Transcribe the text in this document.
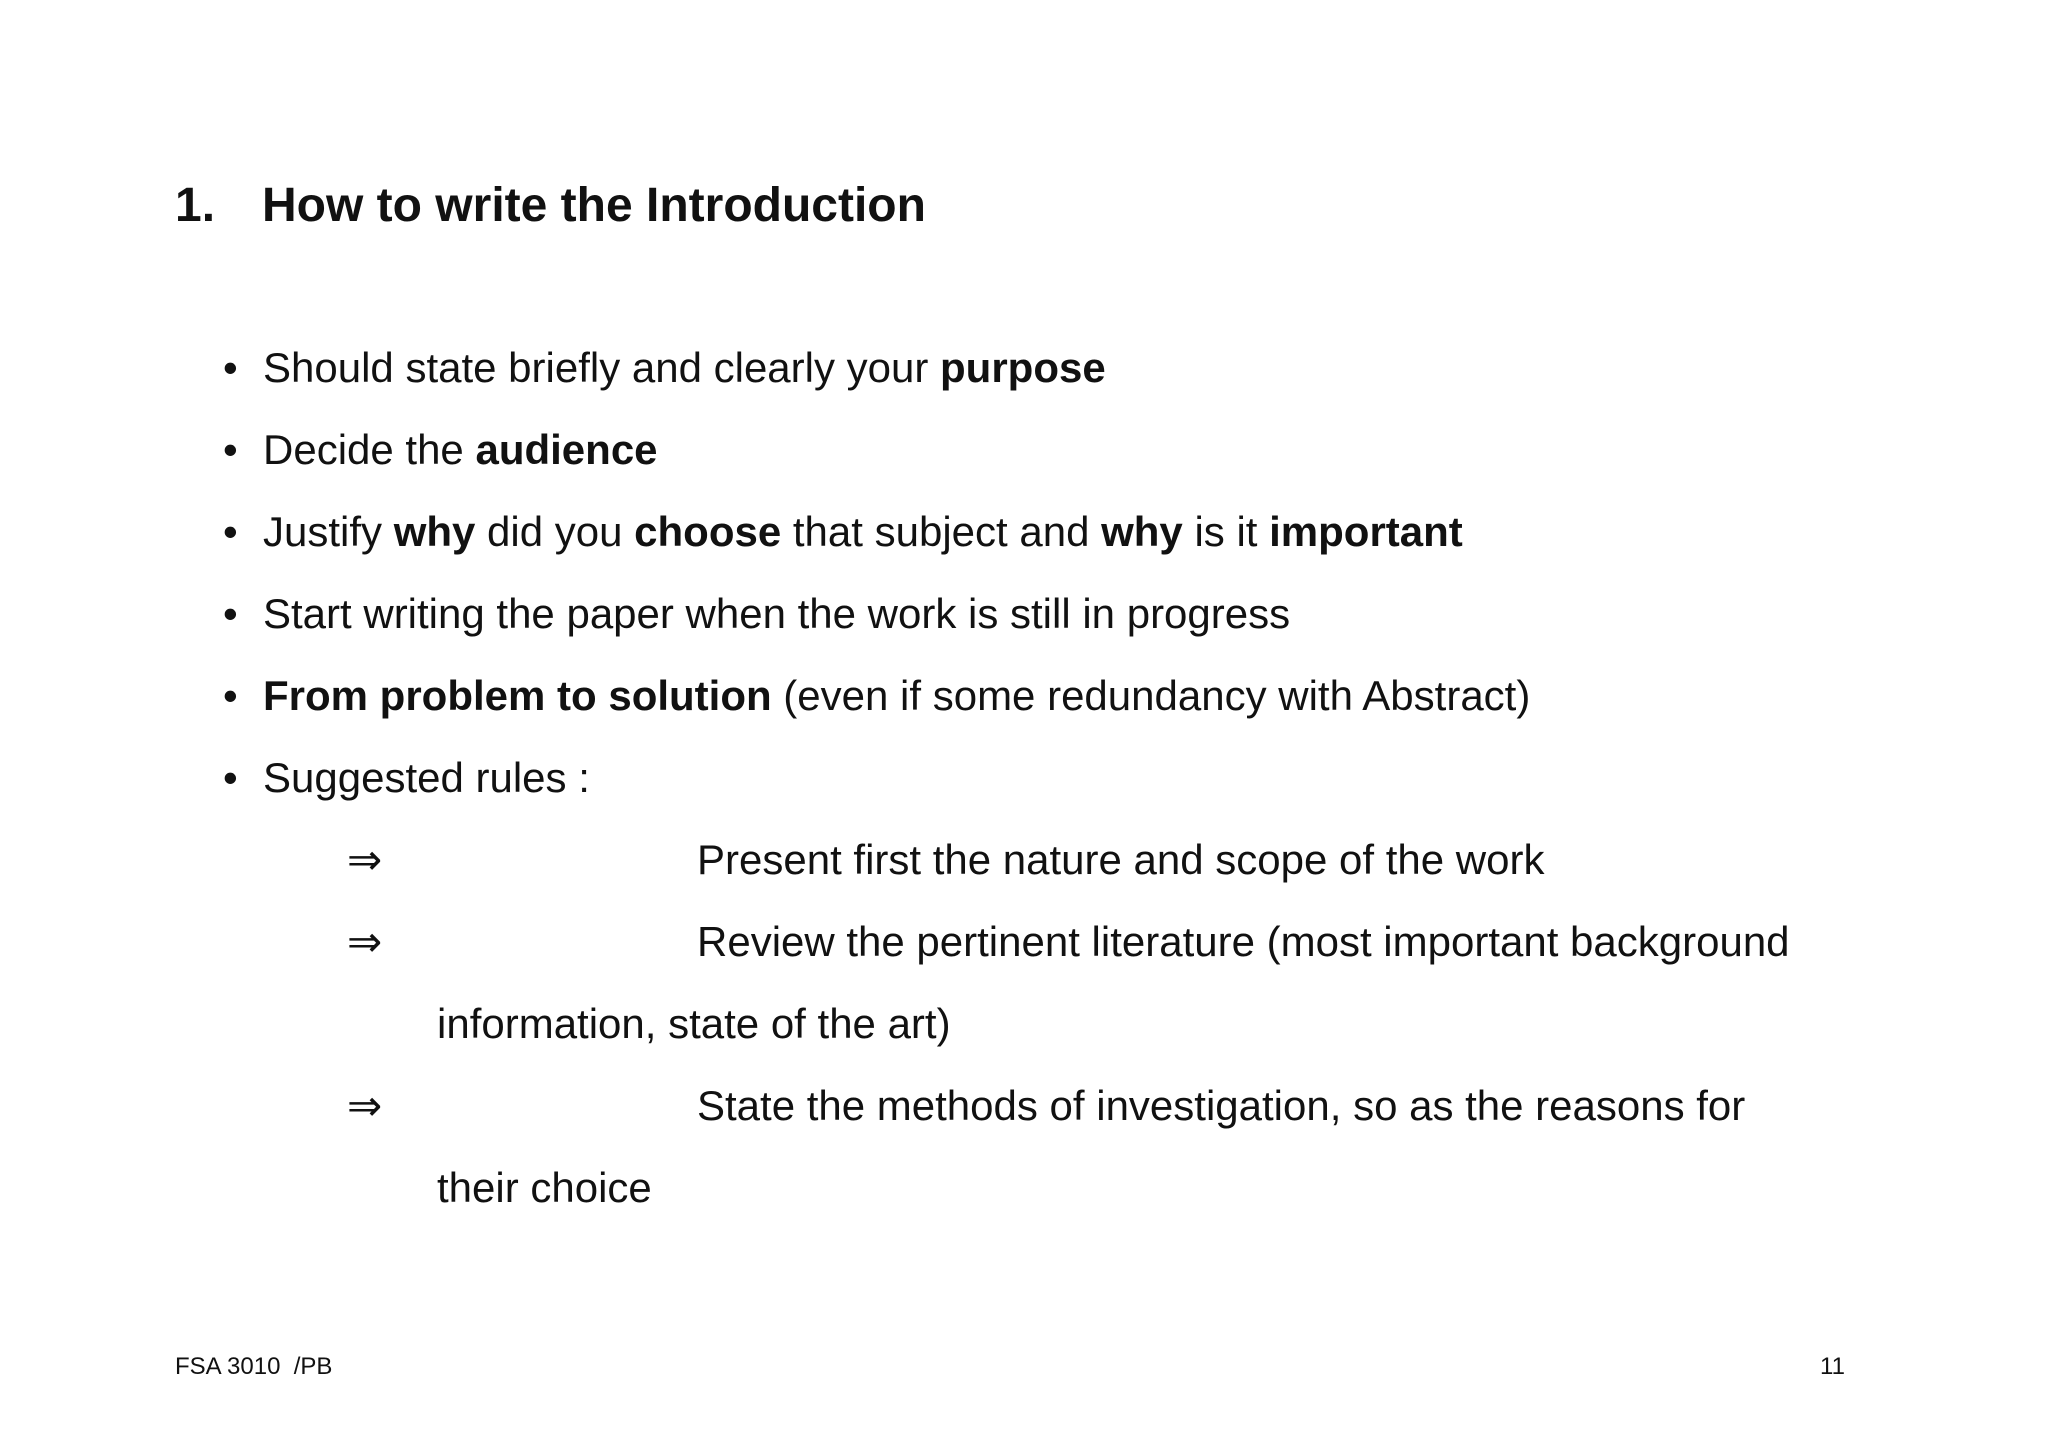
1. How to write the Introduction
• Should state briefly and clearly your purpose
• Decide the audience
• Justify why did you choose that subject and why is it important
• Start writing the paper when the work is still in progress
• From problem to solution (even if some redundancy with Abstract)
• Suggested rules :
⇒	Present first the nature and scope of the work
⇒	Review the pertinent literature (most important background
information, state of the art)
⇒	State the methods of investigation, so as the reasons for
their choice
FSA 3010  /PB	11
